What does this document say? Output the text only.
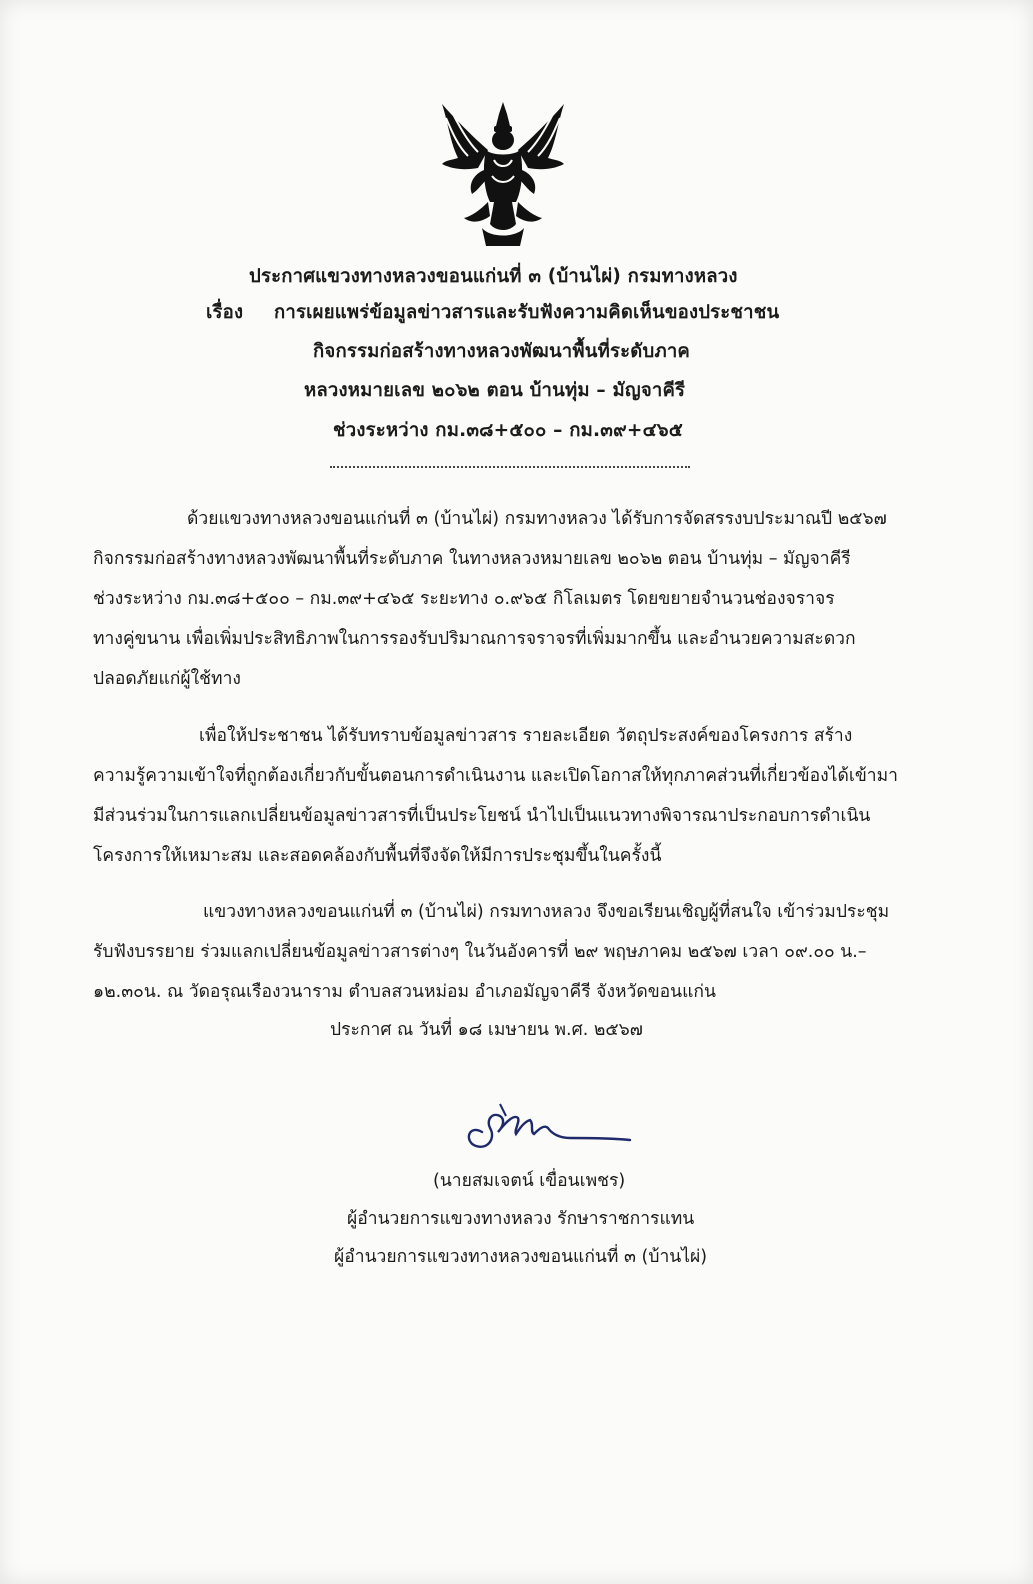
ประกาศแขวงทางหลวงขอนแก่นที่ ๓ (บ้านไผ่) กรมทางหลวง
เรื่อง การเผยแพร่ข้อมูลข่าวสารและรับฟังความคิดเห็นของประชาชน
กิจกรรมก่อสร้างทางหลวงพัฒนาพื้นที่ระดับภาค
หลวงหมายเลข ๒๐๖๒ ตอน บ้านทุ่ม – มัญจาคีรี
ช่วงระหว่าง กม.๓๘+๕๐๐ – กม.๓๙+๔๖๕
ด้วยแขวงทางหลวงขอนแก่นที่ ๓ (บ้านไผ่) กรมทางหลวง ได้รับการจัดสรรงบประมาณปี ๒๕๖๗
กิจกรรมก่อสร้างทางหลวงพัฒนาพื้นที่ระดับภาค ในทางหลวงหมายเลข ๒๐๖๒ ตอน บ้านทุ่ม – มัญจาคีรี
ช่วงระหว่าง กม.๓๘+๕๐๐ – กม.๓๙+๔๖๕ ระยะทาง ๐.๙๖๕ กิโลเมตร โดยขยายจำนวนช่องจราจร
ทางคู่ขนาน เพื่อเพิ่มประสิทธิภาพในการรองรับปริมาณการจราจรที่เพิ่มมากขึ้น และอำนวยความสะดวก
ปลอดภัยแก่ผู้ใช้ทาง
เพื่อให้ประชาชน ได้รับทราบข้อมูลข่าวสาร รายละเอียด วัตถุประสงค์ของโครงการ สร้าง
ความรู้ความเข้าใจที่ถูกต้องเกี่ยวกับขั้นตอนการดำเนินงาน และเปิดโอกาสให้ทุกภาคส่วนที่เกี่ยวข้องได้เข้ามา
มีส่วนร่วมในการแลกเปลี่ยนข้อมูลข่าวสารที่เป็นประโยชน์ นำไปเป็นแนวทางพิจารณาประกอบการดำเนิน
โครงการให้เหมาะสม และสอดคล้องกับพื้นที่จึงจัดให้มีการประชุมขึ้นในครั้งนี้
แขวงทางหลวงขอนแก่นที่ ๓ (บ้านไผ่) กรมทางหลวง จึงขอเรียนเชิญผู้ที่สนใจ เข้าร่วมประชุม
รับฟังบรรยาย ร่วมแลกเปลี่ยนข้อมูลข่าวสารต่างๆ ในวันอังคารที่ ๒๙ พฤษภาคม ๒๕๖๗ เวลา ๐๙.๐๐ น.–
๑๒.๓๐น. ณ วัดอรุณเรืองวนาราม ตำบลสวนหม่อม อำเภอมัญจาคีรี จังหวัดขอนแก่น
ประกาศ ณ วันที่ ๑๘ เมษายน พ.ศ. ๒๕๖๗
(นายสมเจตน์ เขื่อนเพชร)
ผู้อำนวยการแขวงทางหลวง รักษาราชการแทน
ผู้อำนวยการแขวงทางหลวงขอนแก่นที่ ๓ (บ้านไผ่)
